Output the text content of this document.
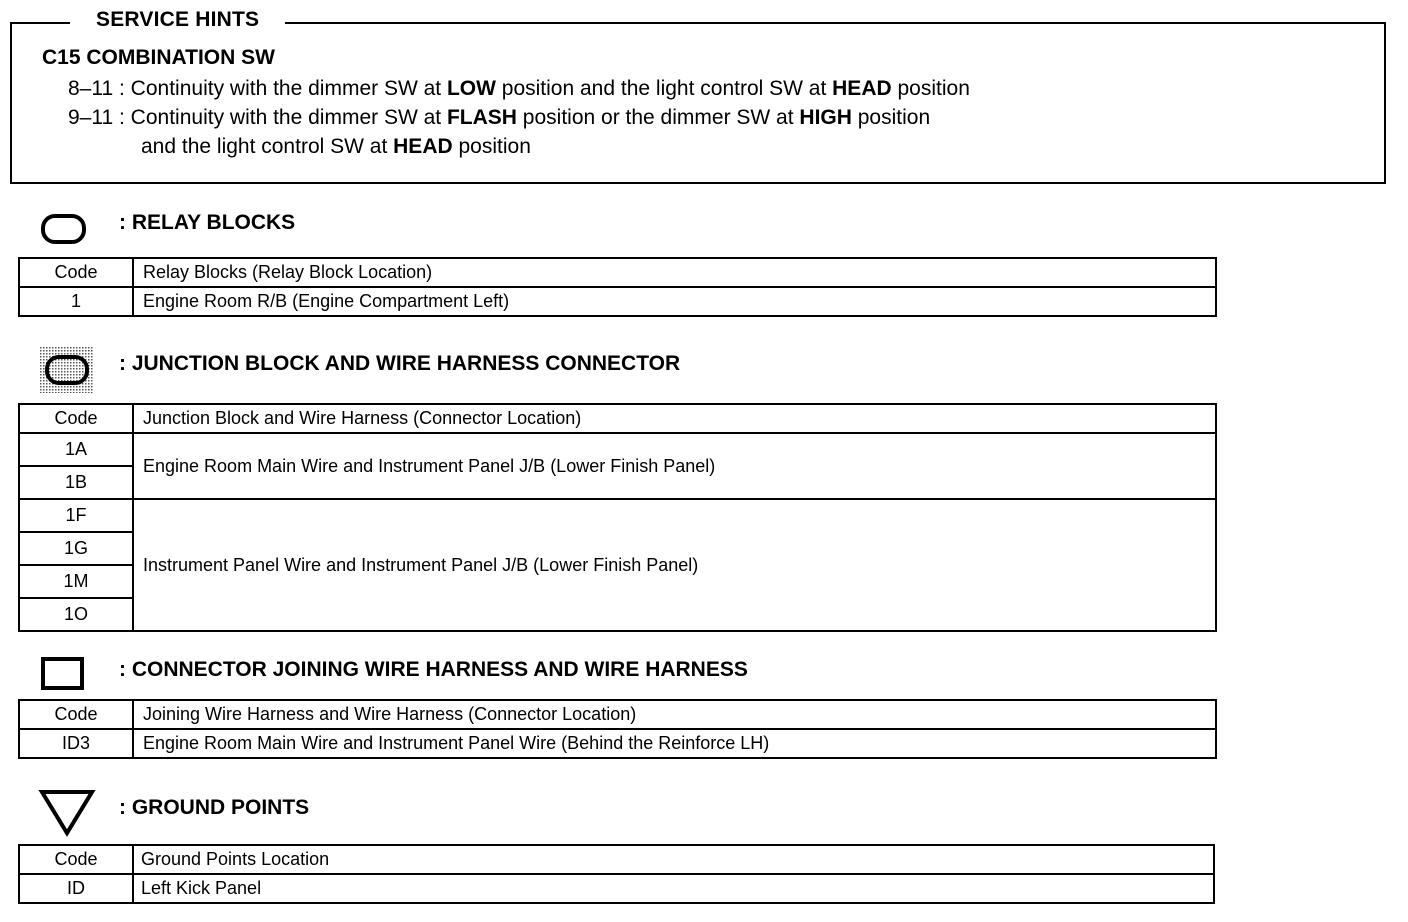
SERVICE HINTS
C15 COMBINATION SW
8–11 : Continuity with the dimmer SW at LOW position and the light control SW at HEAD position
9–11 : Continuity with the dimmer SW at FLASH position or the dimmer SW at HIGH position
and the light control SW at HEAD position
: RELAY BLOCKS
Code	Relay Blocks (Relay Block Location)
1	Engine Room R/B (Engine Compartment Left)
: JUNCTION BLOCK AND WIRE HARNESS CONNECTOR
Code	Junction Block and Wire Harness (Connector Location)
1A	Engine Room Main Wire and Instrument Panel J/B (Lower Finish Panel)
1B	
1F	Instrument Panel Wire and Instrument Panel J/B (Lower Finish Panel)
1G	
1M	
1O	
: CONNECTOR JOINING WIRE HARNESS AND WIRE HARNESS
Code	Joining Wire Harness and Wire Harness (Connector Location)
ID3	Engine Room Main Wire and Instrument Panel Wire (Behind the Reinforce LH)
: GROUND POINTS
Code	Ground Points Location
ID	Left Kick Panel
